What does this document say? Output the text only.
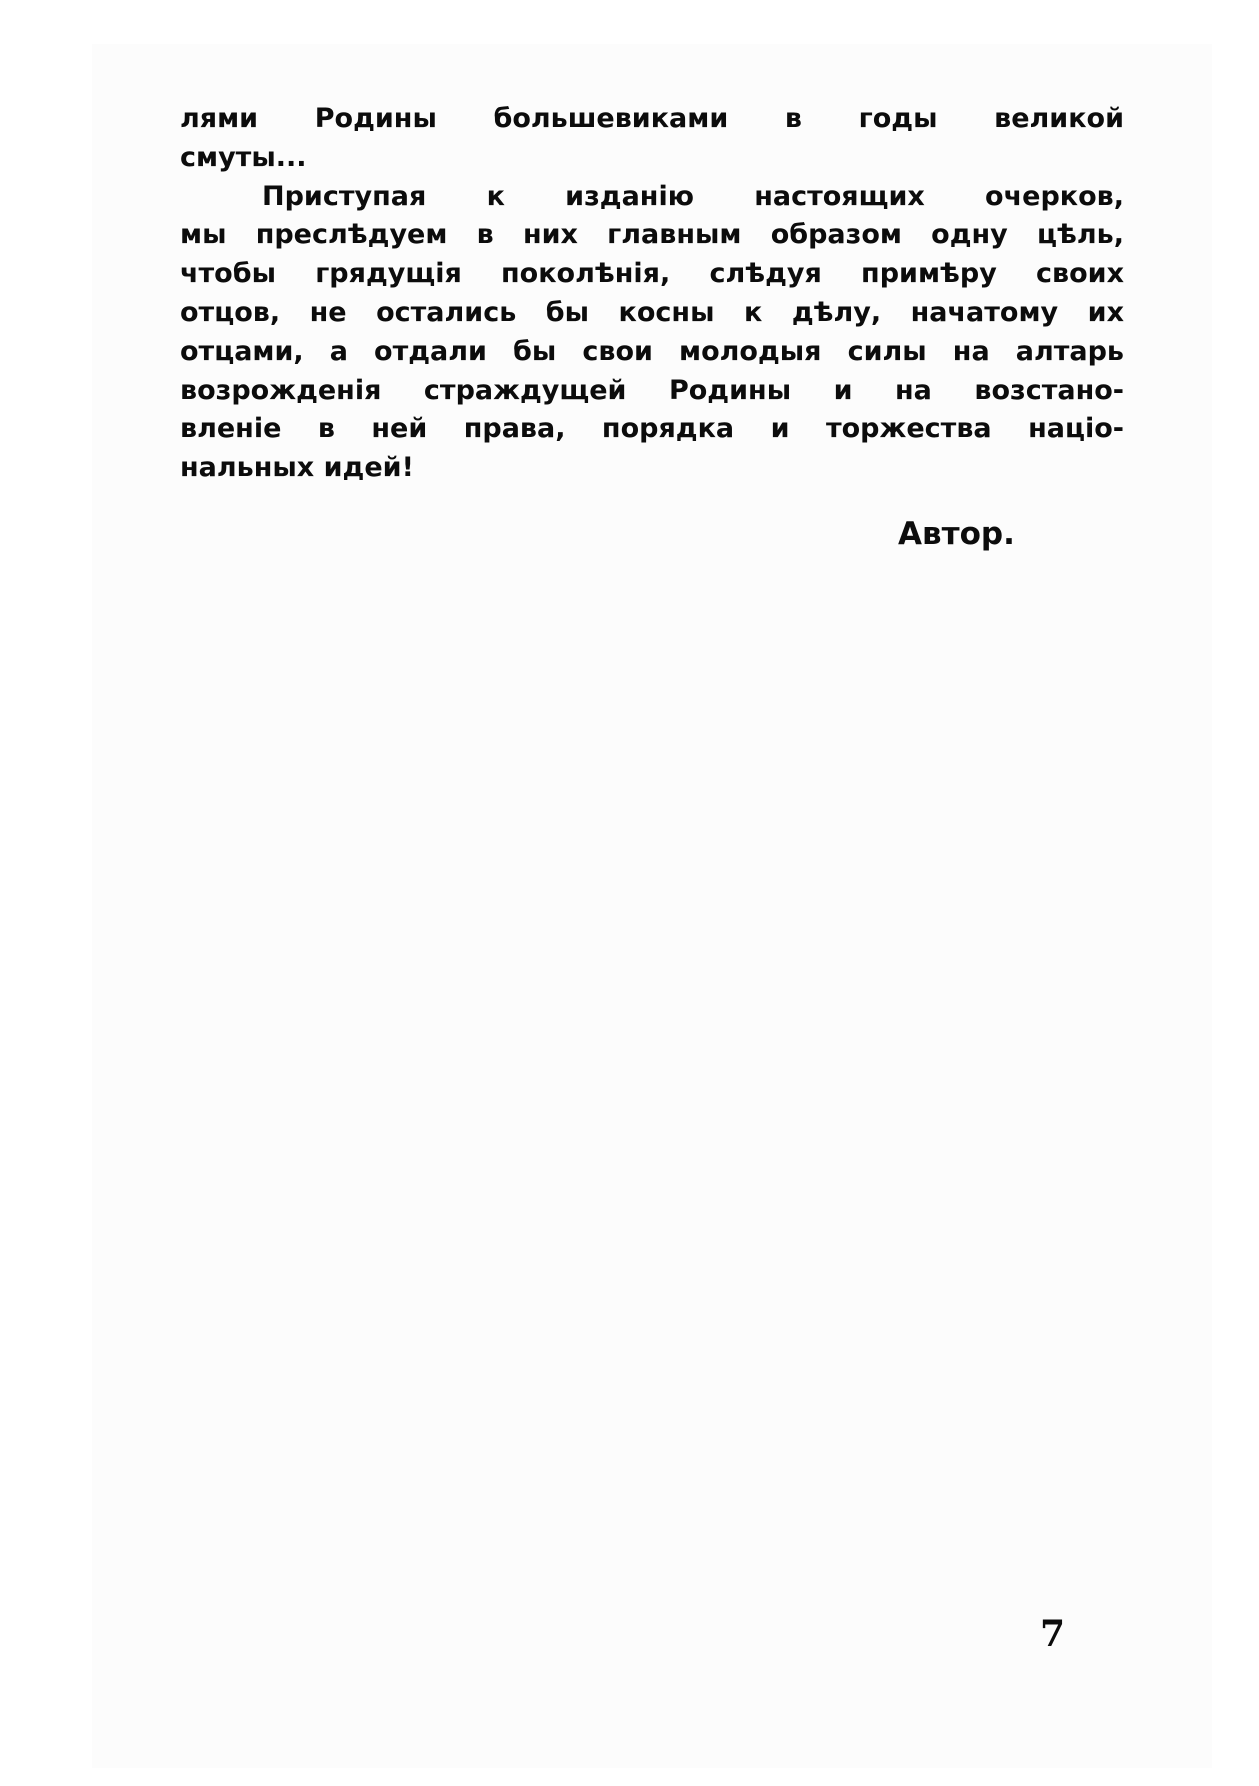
лями Родины большевиками в годы великой
смуты...
Приступая к изданію настоящих очерков,
мы преслѣдуем в них главным образом одну цѣль,
чтобы грядущія поколѣнія, слѣдуя примѣру своих
отцов, не остались бы косны к дѣлу, начатому их
отцами, а отдали бы свои молодыя силы на алтарь
возрожденія страждущей Родины и на возстано-
вленіе в ней права, порядка и торжества націо-
нальных идей!
Автор.
7
